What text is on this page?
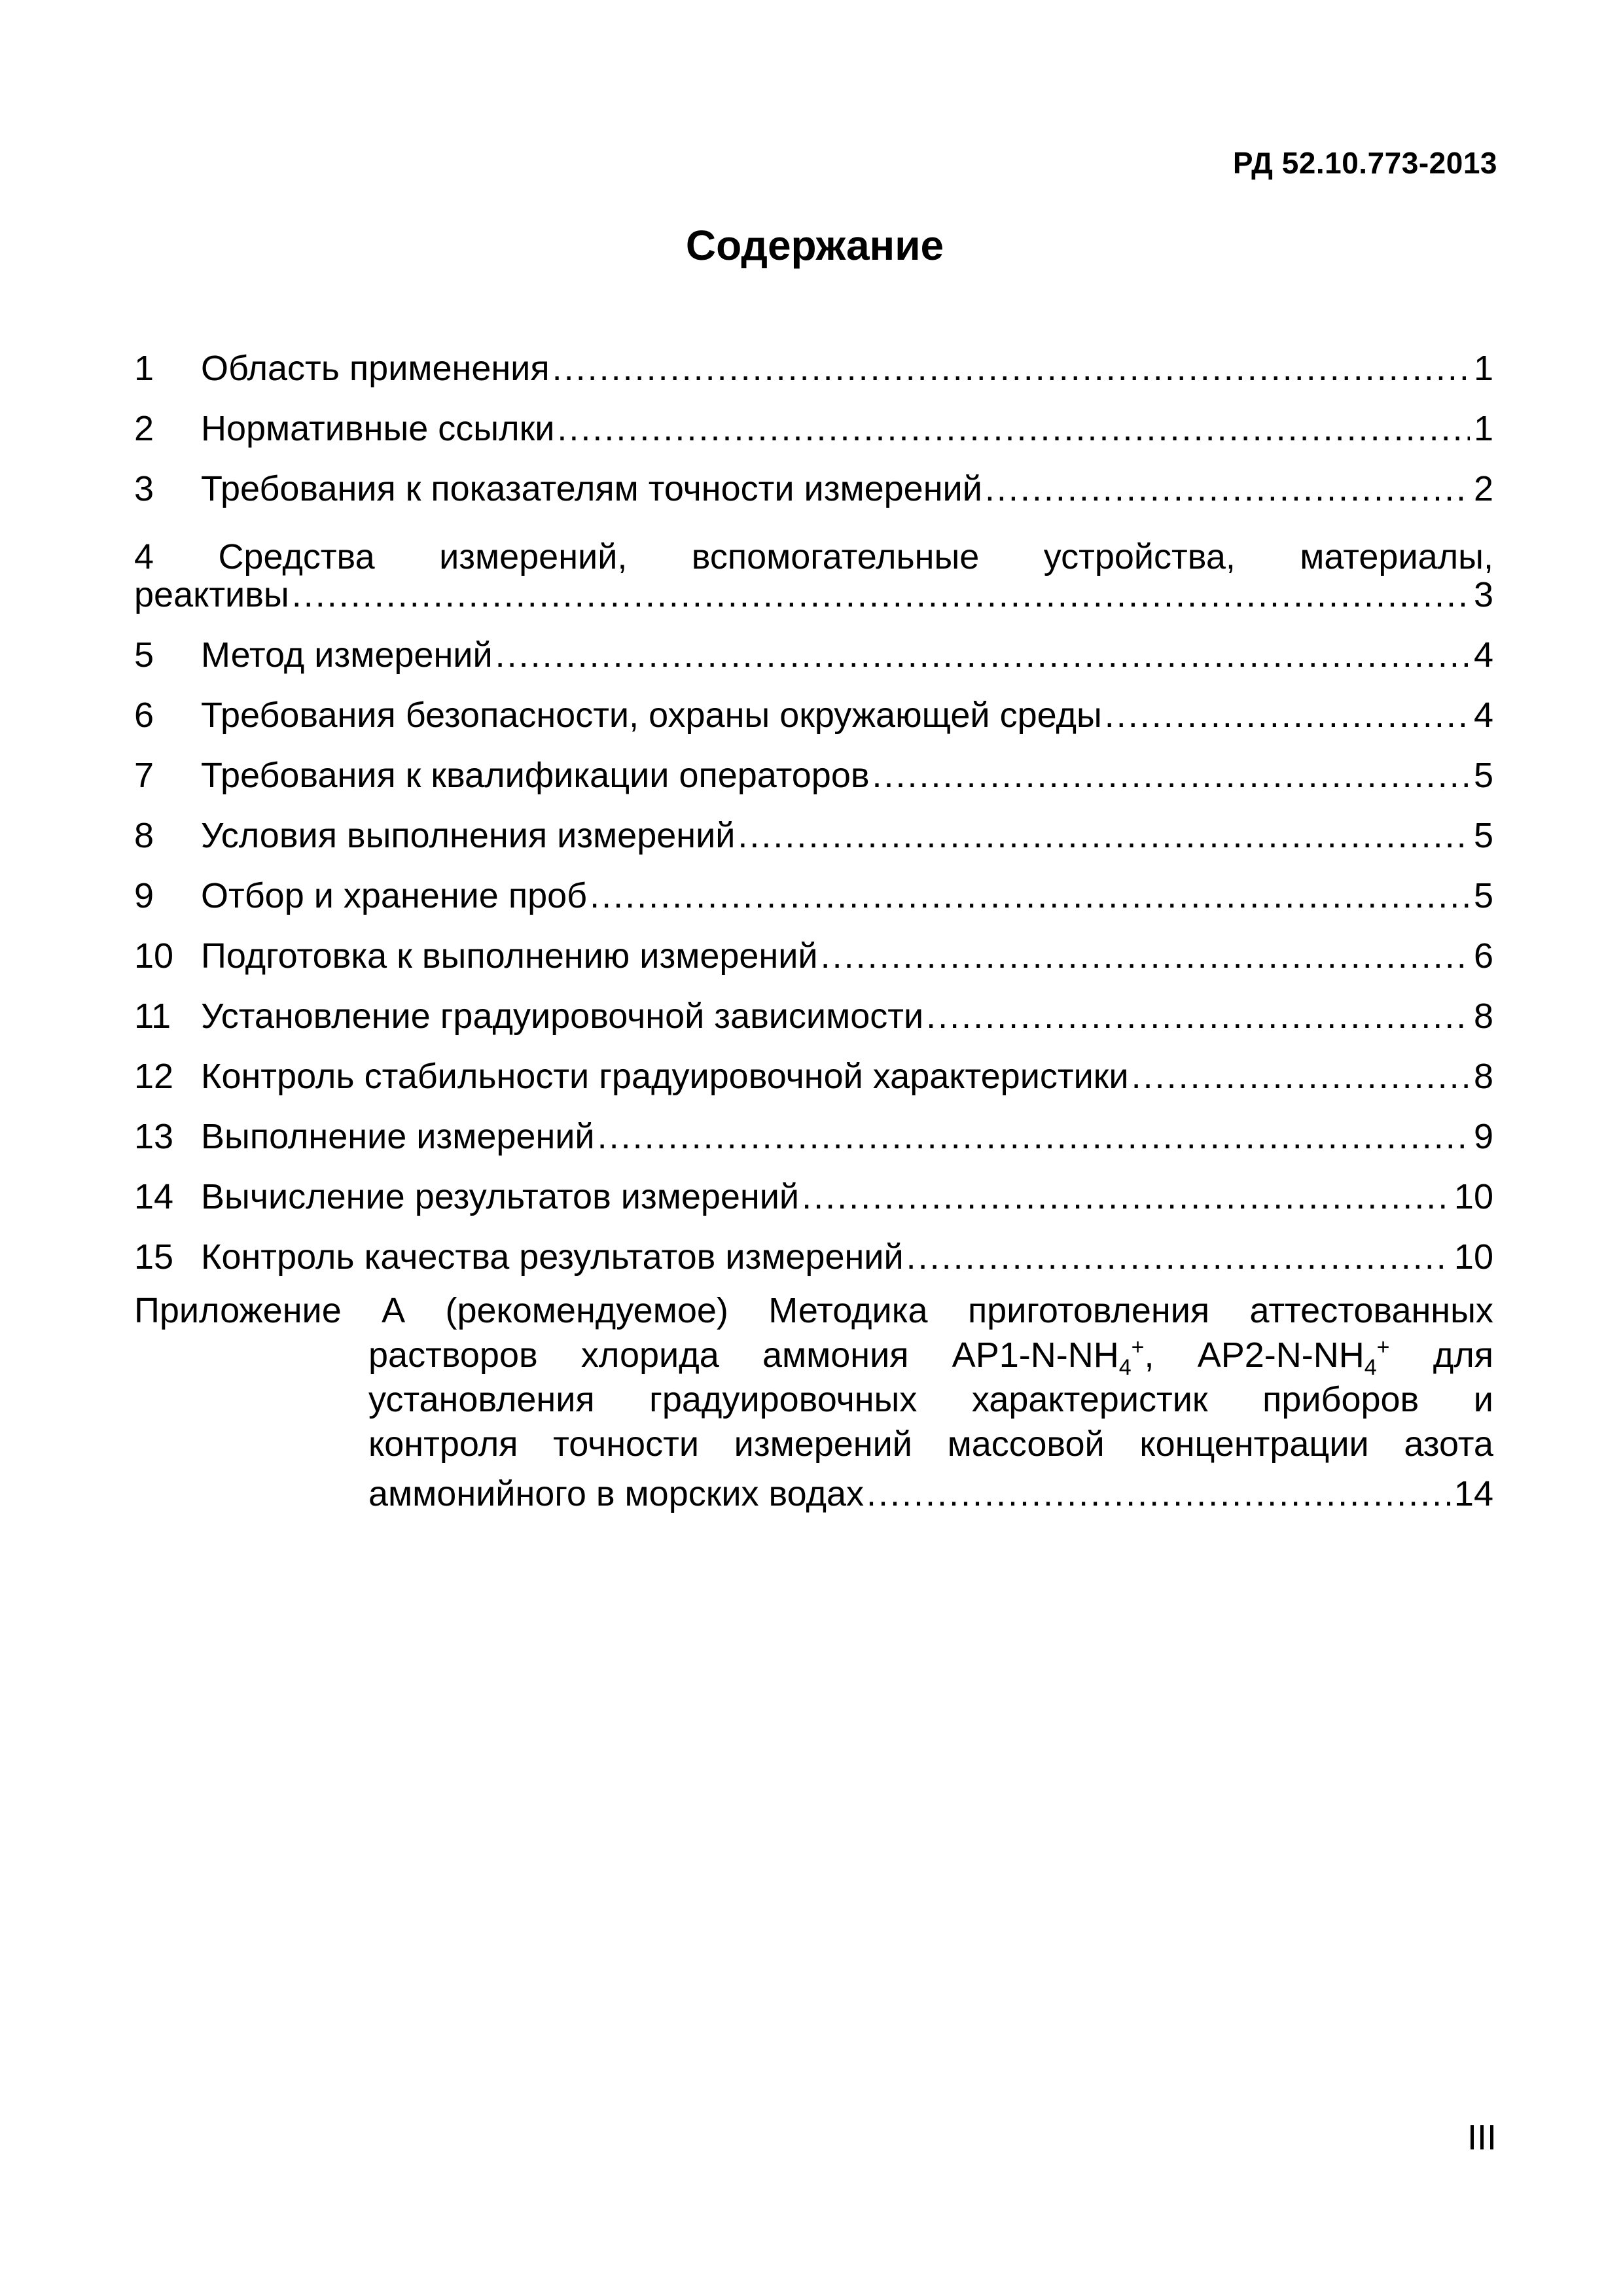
РД 52.10.773-2013
Содержание
1	Область применения .....	1
2	Нормативные ссылки .....	1
3	Требования к показателям точности измерений .....	2
4 Средства измерений, вспомогательные устройства, материалы,
реактивы .....	3
5	Метод измерений .....	4
6	Требования безопасности, охраны окружающей среды .....	4
7	Требования к квалификации операторов .....	5
8	Условия выполнения измерений .....	5
9	Отбор и хранение проб .....	5
10 Подготовка к выполнению измерений .....	6
11 Установление градуировочной зависимости .....	8
12 Контроль стабильности градуировочной характеристики .....	8
13 Выполнение измерений .....	9
14 Вычисление результатов измерений .....	10
15 Контроль качества результатов измерений .....	10
Приложение А (рекомендуемое) Методика приготовления аттестованных
растворов хлорида аммония $АР1-N-NH_4^+$, $АР2-N-NH_4^+$ для
установления градуировочных характеристик приборов и
контроля точности измерений массовой концентрации азота
аммонийного в морских водах .....	14
III
